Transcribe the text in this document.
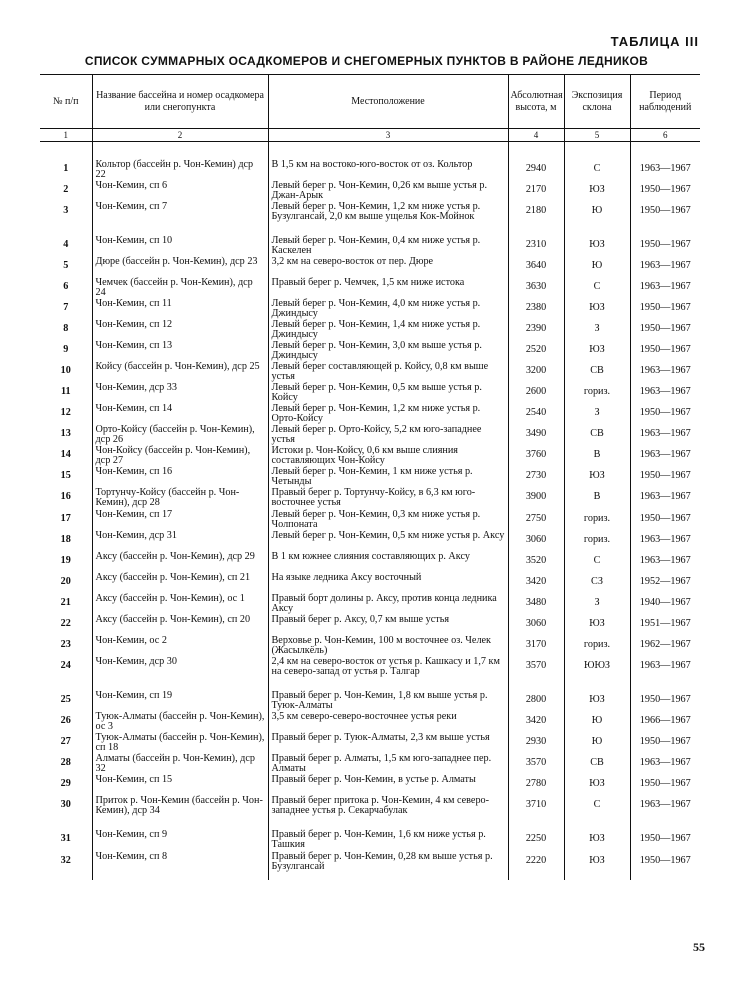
ТАБЛИЦА III
СПИСОК СУММАРНЫХ ОСАДКОМЕРОВ И СНЕГОМЕРНЫХ ПУНКТОВ В РАЙОНЕ ЛЕДНИКОВ
№ п/п	Название бассейна и номер осадкомера или снегопункта	Местоположение	Абсолютная высота, м	Экспозиция склона	Период наблюдений
1	2	3	4	5	6

1	Кольтор (бассейн р. Чон-Кемин) дср 22	В 1,5 км на востоко-юго-восток от оз. Кольтор	2940	С	1963—1967
2	Чон-Кемин, сп 6	Левый берег р. Чон-Кемин, 0,26 км выше устья р. Джан-Арык	2170	ЮЗ	1950—1967
3	Чон-Кемин, сп 7	Левый берег р. Чон-Кемин, 1,2 км ниже устья р. Бузулгансай, 2,0 км выше ущелья Кок-Мойнок	2180	Ю	1950—1967
4	Чон-Кемин, сп 10	Левый берег р. Чон-Кемин, 0,4 км ниже устья р. Каскелен	2310	ЮЗ	1950—1967
5	Дюре (бассейн р. Чон-Кемин), дср 23	3,2 км на северо-восток от пер. Дюре	3640	Ю	1963—1967
6	Чемчек (бассейн р. Чон-Кемин), дср 24	Правый берег р. Чемчек, 1,5 км ниже истока	3630	С	1963—1967
7	Чон-Кемин, сп 11	Левый берег р. Чон-Кемин, 4,0 км ниже устья р. Джиндысу	2380	ЮЗ	1950—1967
8	Чон-Кемин, сп 12	Левый берег р. Чон-Кемин, 1,4 км ниже устья р. Джиндысу	2390	З	1950—1967
9	Чон-Кемин, сп 13	Левый берег р. Чон-Кемин, 3,0 км выше устья р. Джиндысу	2520	ЮЗ	1950—1967
10	Койсу (бассейн р. Чон-Кемин), дср 25	Левый берег составляющей р. Койсу, 0,8 км выше устья	3200	СВ	1963—1967
11	Чон-Кемин, дср 33	Левый берег р. Чон-Кемин, 0,5 км выше устья р. Койсу	2600	гориз.	1963—1967
12	Чон-Кемин, сп 14	Левый берег р. Чон-Кемин, 1,2 км ниже устья р. Орто-Койсу	2540	З	1950—1967
13	Орто-Койсу (бассейн р. Чон-Кемин), дср 26	Левый берег р. Орто-Койсу, 5,2 км юго-западнее устья	3490	СВ	1963—1967
14	Чон-Койсу (бассейн р. Чон-Кемин), дср 27	Истоки р. Чон-Койсу, 0,6 км выше слияния составляющих Чон-Койсу	3760	В	1963—1967
15	Чон-Кемин, сп 16	Левый берег р. Чон-Кемин, 1 км ниже устья р. Четынды	2730	ЮЗ	1950—1967
16	Тортунчу-Койсу (бассейн р. Чон-Кемин), дср 28	Правый берег р. Тортунчу-Койсу, в 6,3 км юго-восточнее устья	3900	В	1963—1967
17	Чон-Кемин, сп 17	Левый берег р. Чон-Кемин, 0,3 км ниже устья р. Чолпоната	2750	гориз.	1950—1967
18	Чон-Кемин, дср 31	Левый берег р. Чон-Кемин, 0,5 км ниже устья р. Аксу	3060	гориз.	1963—1967
19	Аксу (бассейн р. Чон-Кемин), дср 29	В 1 км южнее слияния составляющих р. Аксу	3520	С	1963—1967
20	Аксу (бассейн р. Чон-Кемин), сп 21	На языке ледника Аксу восточный	3420	СЗ	1952—1967
21	Аксу (бассейн р. Чон-Кемин), ос 1	Правый борт долины р. Аксу, против конца ледника Аксу	3480	З	1940—1967
22	Аксу (бассейн р. Чон-Кемин), сп 20	Правый берег р. Аксу, 0,7 км выше устья	3060	ЮЗ	1951—1967
23	Чон-Кемин, ос 2	Верховье р. Чон-Кемин, 100 м восточнее оз. Челек (Жасылкёль)	3170	гориз.	1962—1967
24	Чон-Кемин, дср 30	2,4 км на северо-восток от устья р. Кашкасу и 1,7 км на северо-запад от устья р. Талгар	3570	ЮЮЗ	1963—1967
25	Чон-Кемин, сп 19	Правый берег р. Чон-Кемин, 1,8 км выше устья р. Туюк-Алматы	2800	ЮЗ	1950—1967
26	Туюк-Алматы (бассейн р. Чон-Кемин), ос 3	3,5 км северо-северо-восточнее устья реки	3420	Ю	1966—1967
27	Туюк-Алматы (бассейн р. Чон-Кемин), сп 18	Правый берег р. Туюк-Алматы, 2,3 км выше устья	2930	Ю	1950—1967
28	Алматы (бассейн р. Чон-Кемин), дср 32	Правый берег р. Алматы, 1,5 км юго-западнее пер. Алматы	3570	СВ	1963—1967
29	Чон-Кемин, сп 15	Правый берег р. Чон-Кемин, в устье р. Алматы	2780	ЮЗ	1950—1967
30	Приток р. Чон-Кемин (бассейн р. Чон-Кемин), дср 34	Правый берег притока р. Чон-Кемин, 4 км северо-западнее устья р. Секарчабулак	3710	С	1963—1967
31	Чон-Кемин, сп 9	Правый берег р. Чон-Кемин, 1,6 км ниже устья р. Ташкия	2250	ЮЗ	1950—1967
32	Чон-Кемин, сп 8	Правый берег р. Чон-Кемин, 0,28 км выше устья р. Бузулгансай	2220	ЮЗ	1950—1967
55
